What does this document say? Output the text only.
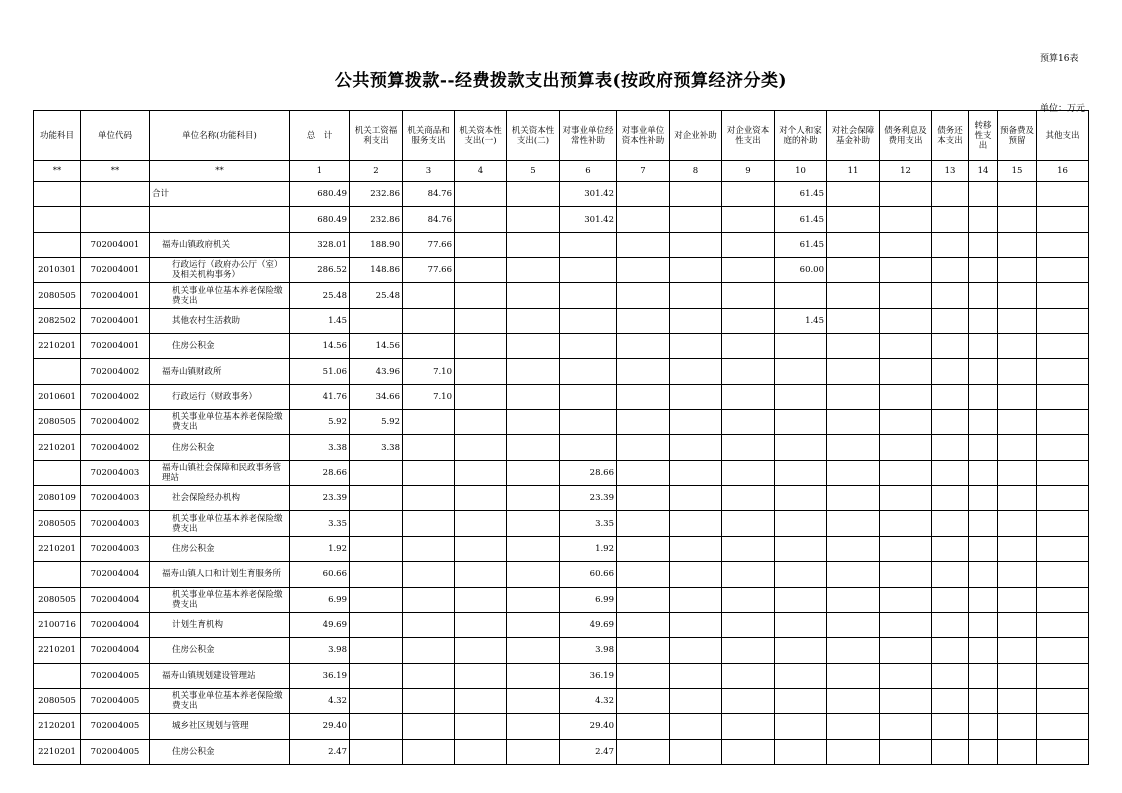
预算16表
公共预算拨款--经费拨款支出预算表(按政府预算经济分类)
单位：万元
功能科目	单位代码	单位名称(功能科目)	总　计	机关工资福利支出	机关商品和服务支出	机关资本性支出(一)	机关资本性支出(二)	对事业单位经常性补助	对事业单位资本性补助	对企业补助	对企业资本性支出	对个人和家庭的补助	对社会保障基金补助	债务利息及费用支出	债务还本支出	转移性支出	预备费及预留	其他支出
**	**	**	1	2	3	4	5	6	7	8	9	10	11	12	13	14	15	16
		合计	680.49	232.86	84.76			301.42				61.45						
			680.49	232.86	84.76			301.42				61.45						
	702004001	福寿山镇政府机关	328.01	188.90	77.66							61.45						
2010301	702004001	行政运行（政府办公厅（室）及相关机构事务）	286.52	148.86	77.66							60.00						
2080505	702004001	机关事业单位基本养老保险缴费支出	25.48	25.48														
2082502	702004001	其他农村生活救助	1.45									1.45						
2210201	702004001	住房公积金	14.56	14.56														
	702004002	福寿山镇财政所	51.06	43.96	7.10													
2010601	702004002	行政运行（财政事务）	41.76	34.66	7.10													
2080505	702004002	机关事业单位基本养老保险缴费支出	5.92	5.92														
2210201	702004002	住房公积金	3.38	3.38														
	702004003	福寿山镇社会保障和民政事务管理站	28.66					28.66										
2080109	702004003	社会保险经办机构	23.39					23.39										
2080505	702004003	机关事业单位基本养老保险缴费支出	3.35					3.35										
2210201	702004003	住房公积金	1.92					1.92										
	702004004	福寿山镇人口和计划生育服务所	60.66					60.66										
2080505	702004004	机关事业单位基本养老保险缴费支出	6.99					6.99										
2100716	702004004	计划生育机构	49.69					49.69										
2210201	702004004	住房公积金	3.98					3.98										
	702004005	福寿山镇规划建设管理站	36.19					36.19										
2080505	702004005	机关事业单位基本养老保险缴费支出	4.32					4.32										
2120201	702004005	城乡社区规划与管理	29.40					29.40										
2210201	702004005	住房公积金	2.47					2.47										
